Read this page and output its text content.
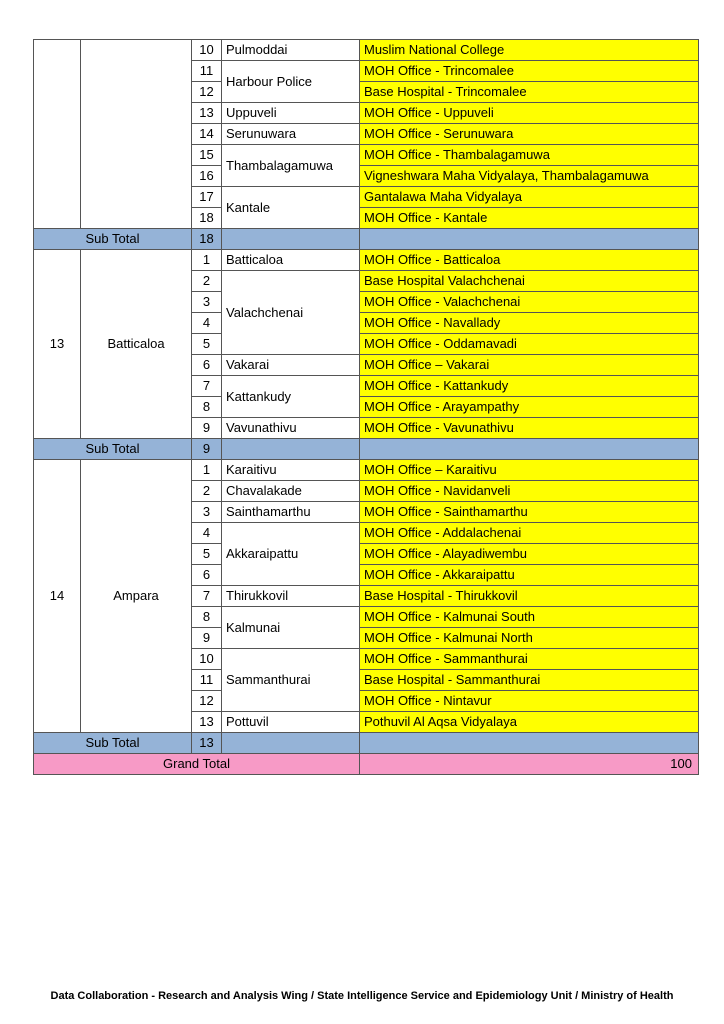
		10	Pulmoddai	Muslim National College
		11	Harbour Police	MOH Office - Trincomalee
		12		Base Hospital - Trincomalee
		13	Uppuveli	MOH Office - Uppuveli
		14	Serunuwara	MOH Office - Serunuwara
		15	Thambalagamuwa	MOH Office - Thambalagamuwa
		16		Vigneshwara Maha Vidyalaya, Thambalagamuwa
		17	Kantale	Gantalawa Maha Vidyalaya
		18		MOH Office - Kantale
Sub Total		18		
13	Batticaloa	1	Batticaloa	MOH Office - Batticaloa
		2	Valachchenai	Base Hospital Valachchenai
		3		MOH Office - Valachchenai
		4		MOH Office - Navallady
		5		MOH Office - Oddamavadi
		6	Vakarai	MOH Office – Vakarai
		7	Kattankudy	MOH Office - Kattankudy
		8		MOH Office - Arayampathy
		9	Vavunathivu	MOH Office - Vavunathivu
Sub Total		9		
14	Ampara	1	Karaitivu	MOH Office – Karaitivu
		2	Chavalakade	MOH Office - Navidanveli
		3	Sainthamarthu	MOH Office - Sainthamarthu
		4	Akkaraipattu	MOH Office - Addalachenai
		5		MOH Office - Alayadiwembu
		6		MOH Office - Akkaraipattu
		7	Thirukkovil	Base Hospital - Thirukkovil
		8	Kalmunai	MOH Office - Kalmunai South
		9		MOH Office - Kalmunai North
		10	Sammanthurai	MOH Office - Sammanthurai
		11		Base Hospital - Sammanthurai
		12		MOH Office - Nintavur
		13	Pottuvil	Pothuvil Al Aqsa Vidyalaya
Sub Total		13		
Grand Total				100
Data Collaboration - Research and Analysis Wing / State Intelligence Service and Epidemiology Unit / Ministry of Health
